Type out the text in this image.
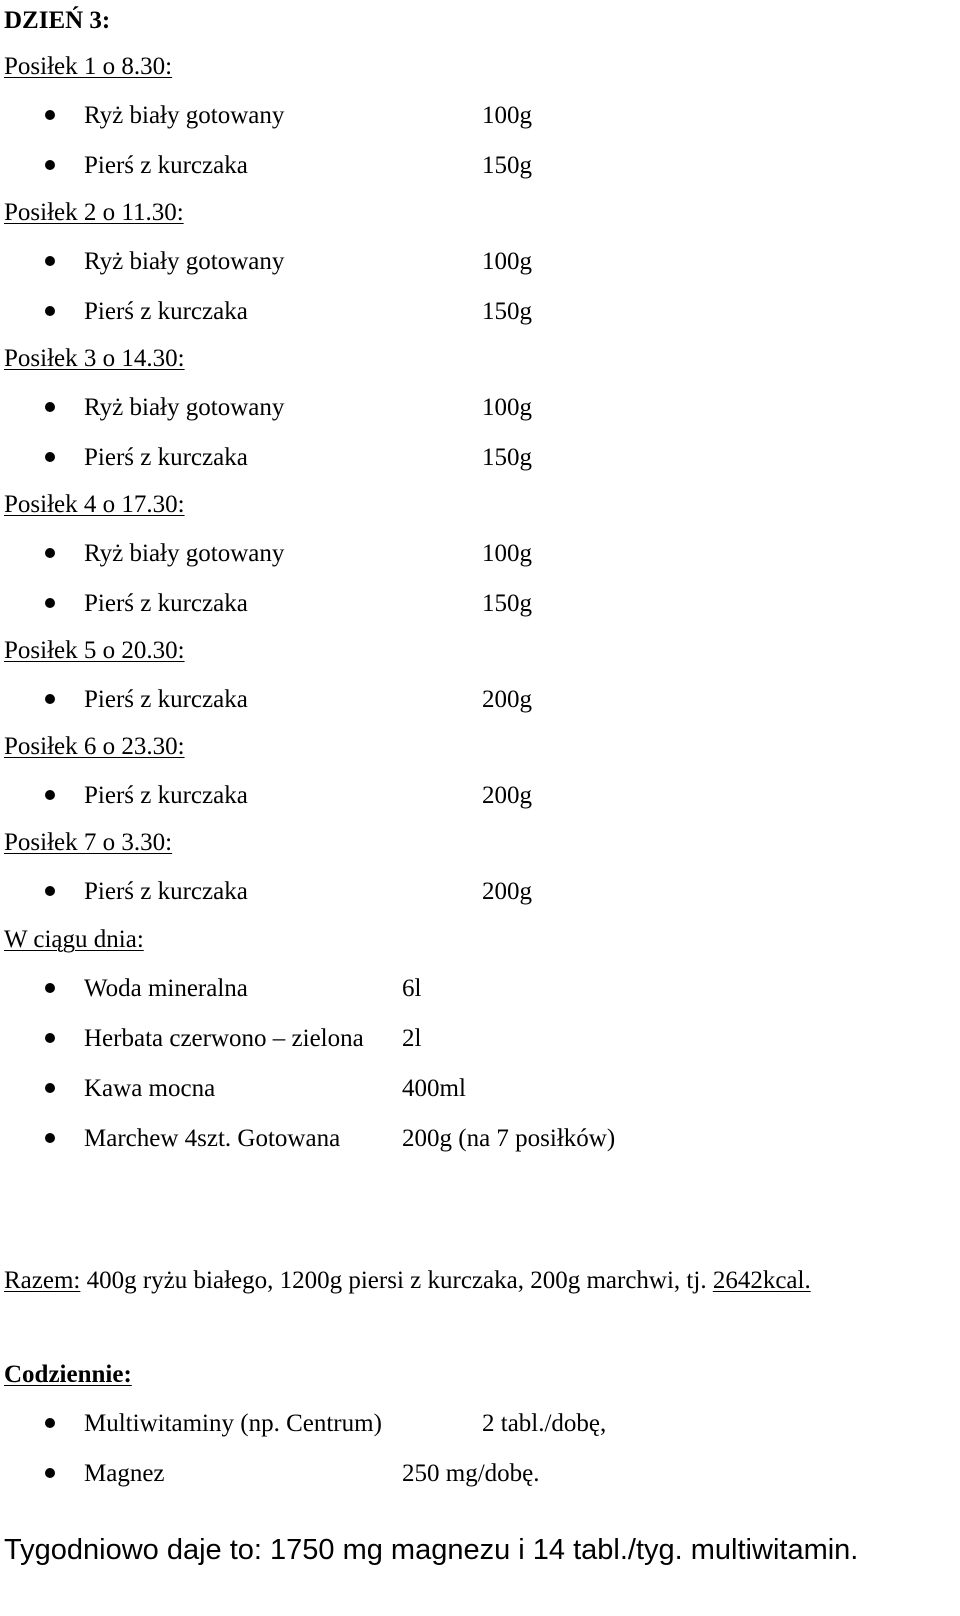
DZIEŃ 3:
Posiłek 1 o 8.30:
Ryż biały gotowany	100g
Pierś z kurczaka	150g
Posiłek 2 o 11.30:
Ryż biały gotowany	100g
Pierś z kurczaka	150g
Posiłek 3 o 14.30:
Ryż biały gotowany	100g
Pierś z kurczaka	150g
Posiłek 4 o 17.30:
Ryż biały gotowany	100g
Pierś z kurczaka	150g
Posiłek 5 o 20.30:
Pierś z kurczaka	200g
Posiłek 6 o 23.30:
Pierś z kurczaka	200g
Posiłek 7 o 3.30:
Pierś z kurczaka	200g
W ciągu dnia:
Woda mineralna	6l
Herbata czerwono – zielona 2l
Kawa mocna	400ml
Marchew 4szt. Gotowana 200g (na 7 posiłków)
Razem: 400g ryżu białego, 1200g piersi z kurczaka, 200g marchwi, tj. 2642kcal.
Codziennie:
Multiwitaminy (np. Centrum)	2 tabl./dobę,
Magnez	250 mg/dobę.
Tygodniowo daje to: 1750 mg magnezu i 14 tabl./tyg. multiwitamin.
